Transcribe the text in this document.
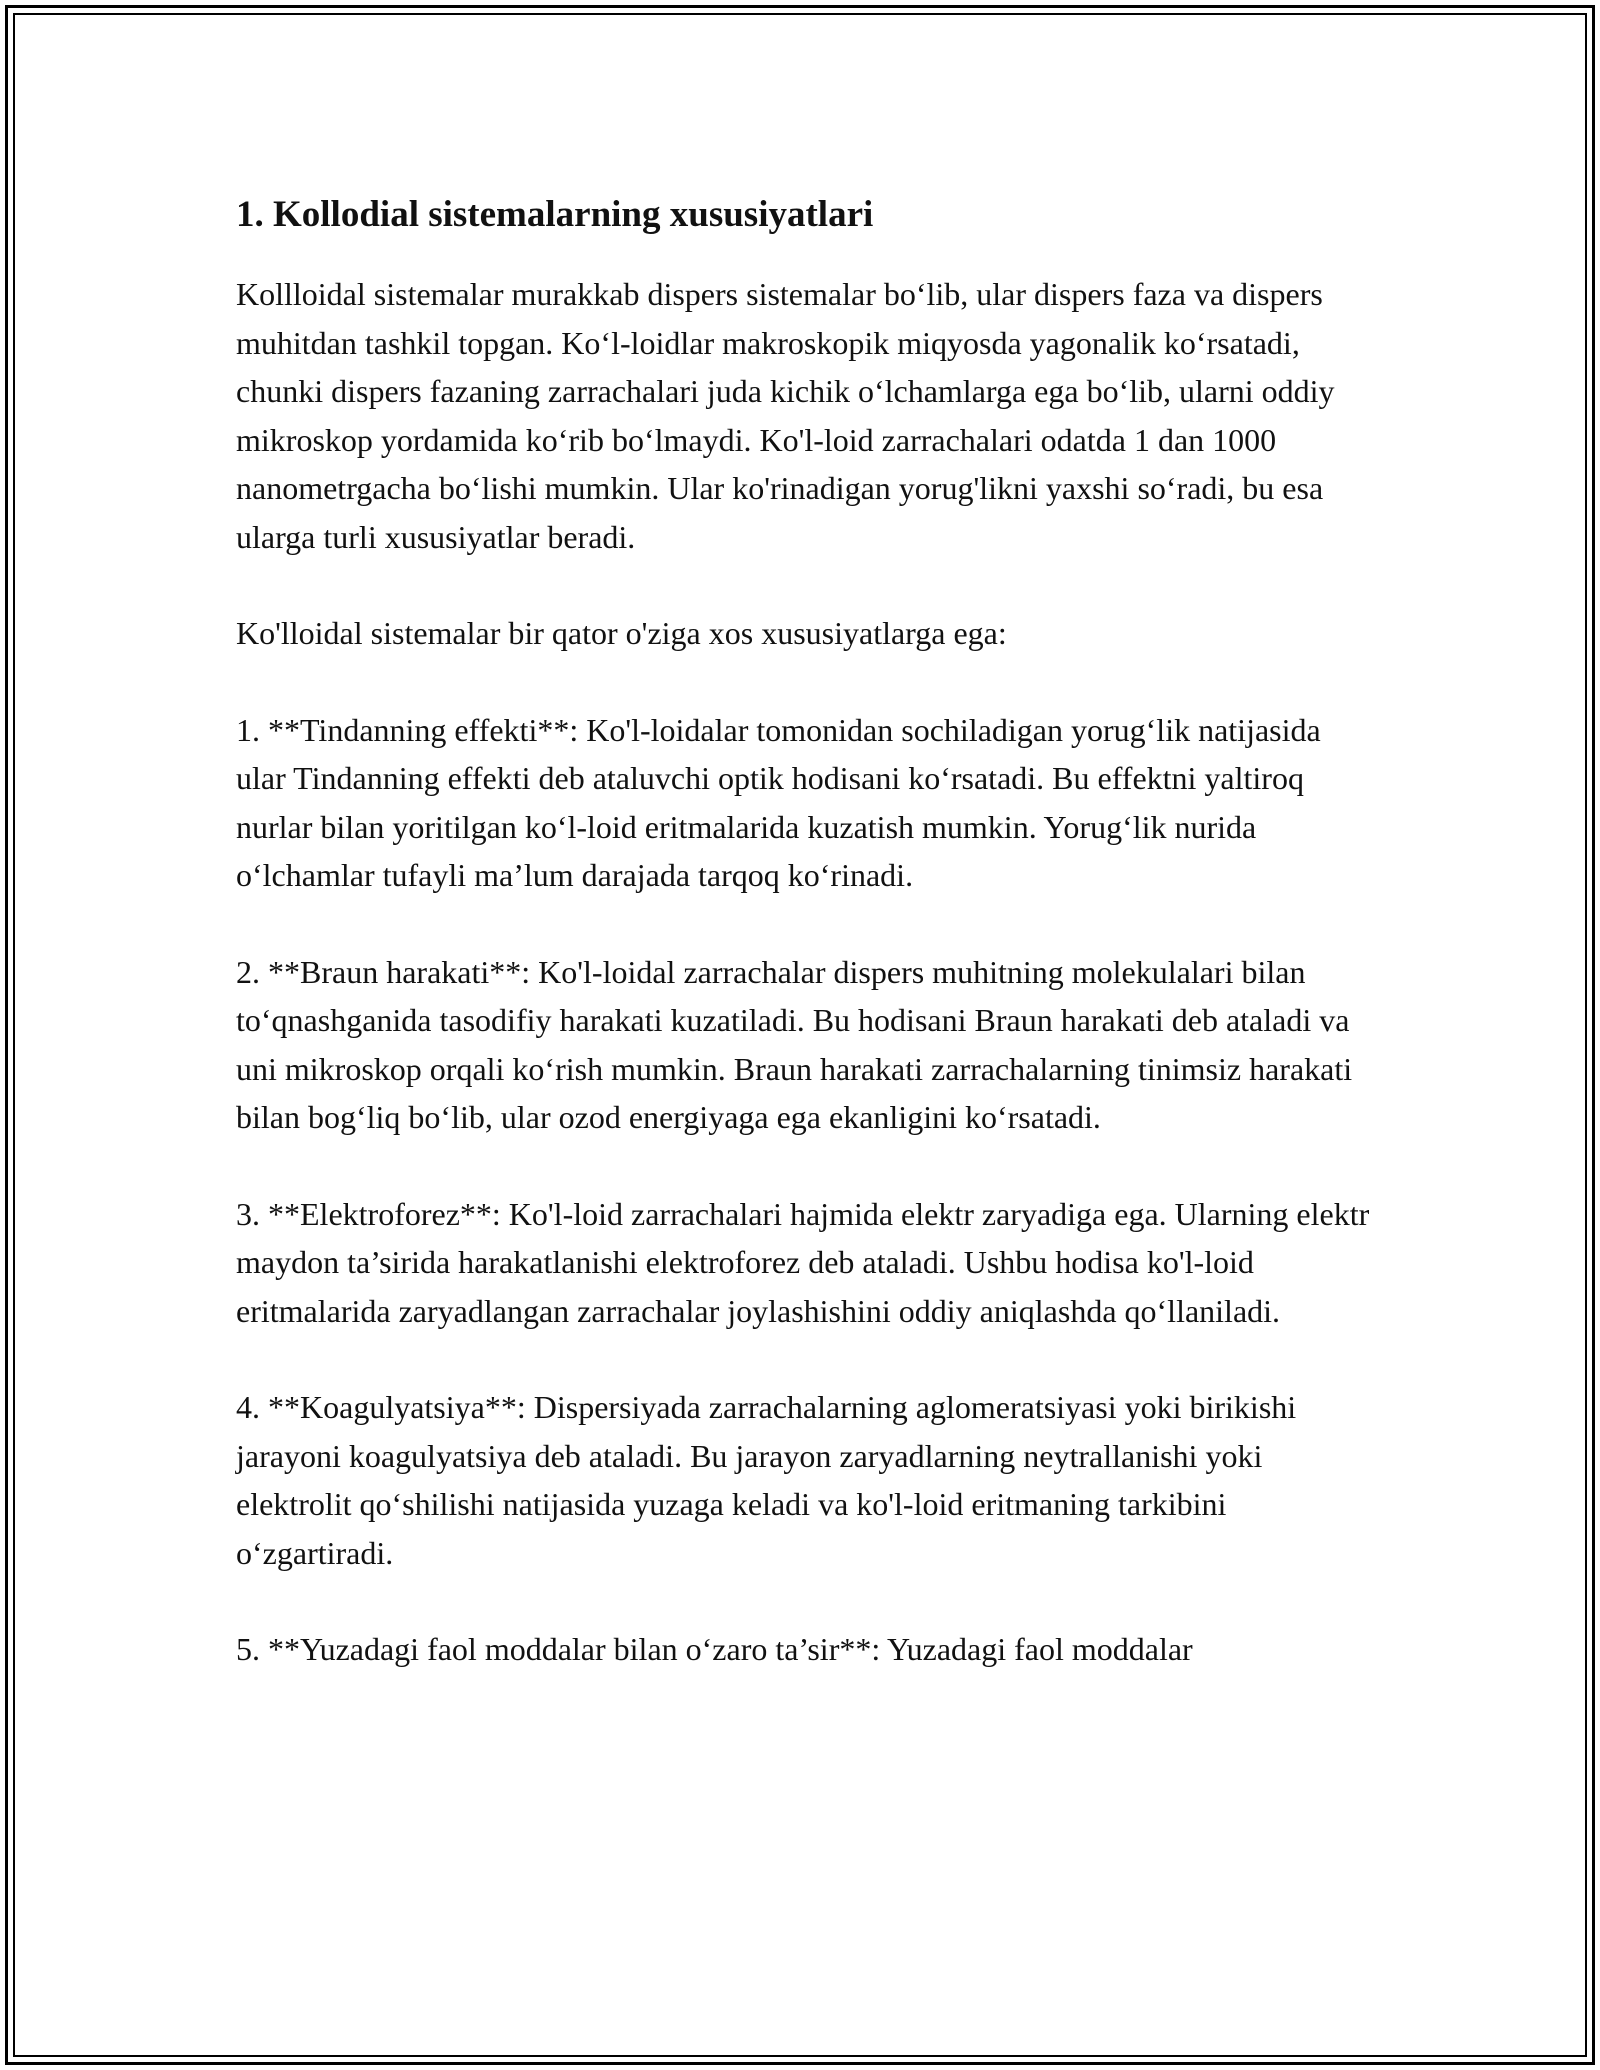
1. Kollodial sistemalarning xususiyatlari

Kollloidal sistemalar murakkab dispers sistemalar bo‘lib, ular dispers faza va dispers muhitdan tashkil topgan. Ko‘l-loidlar makroskopik miqyosda yagonalik ko‘rsatadi, chunki dispers fazaning zarrachalari juda kichik o‘lchamlarga ega bo‘lib, ularni oddiy mikroskop yordamida ko‘rib bo‘lmaydi. Ko'l-loid zarrachalari odatda 1 dan 1000 nanometrgacha bo‘lishi mumkin. Ular ko'rinadigan yorug'likni yaxshi so‘radi, bu esa ularga turli xususiyatlar beradi.

Ko'lloidal sistemalar bir qator o'ziga xos xususiyatlarga ega:

1. **Tindanning effekti**: Ko'l-loidalar tomonidan sochiladigan yorug‘lik natijasida ular Tindanning effekti deb ataluvchi optik hodisani ko‘rsatadi. Bu effektni yaltiroq nurlar bilan yoritilgan ko‘l-loid eritmalarida kuzatish mumkin. Yorug‘lik nurida o‘lchamlar tufayli ma’lum darajada tarqoq ko‘rinadi.

2. **Braun harakati**: Ko'l-loidal zarrachalar dispers muhitning molekulalari bilan to‘qnashganida tasodifiy harakati kuzatiladi. Bu hodisani Braun harakati deb ataladi va uni mikroskop orqali ko‘rish mumkin. Braun harakati zarrachalarning tinimsiz harakati bilan bog‘liq bo‘lib, ular ozod energiyaga ega ekanligini ko‘rsatadi.

3. **Elektroforez**: Ko'l-loid zarrachalari hajmida elektr zaryadiga ega. Ularning elektr maydon ta’sirida harakatlanishi elektroforez deb ataladi. Ushbu hodisa ko'l-loid eritmalarida zaryadlangan zarrachalar joylashishini oddiy aniqlashda qo‘llaniladi.

4. **Koagulyatsiya**: Dispersiyada zarrachalarning aglomeratsiyasi yoki birikishi jarayoni koagulyatsiya deb ataladi. Bu jarayon zaryadlarning neytrallanishi yoki elektrolit qo‘shilishi natijasida yuzaga keladi va ko'l-loid eritmaning tarkibini o‘zgartiradi.

5. **Yuzadagi faol moddalar bilan o‘zaro ta’sir**: Yuzadagi faol moddalar
